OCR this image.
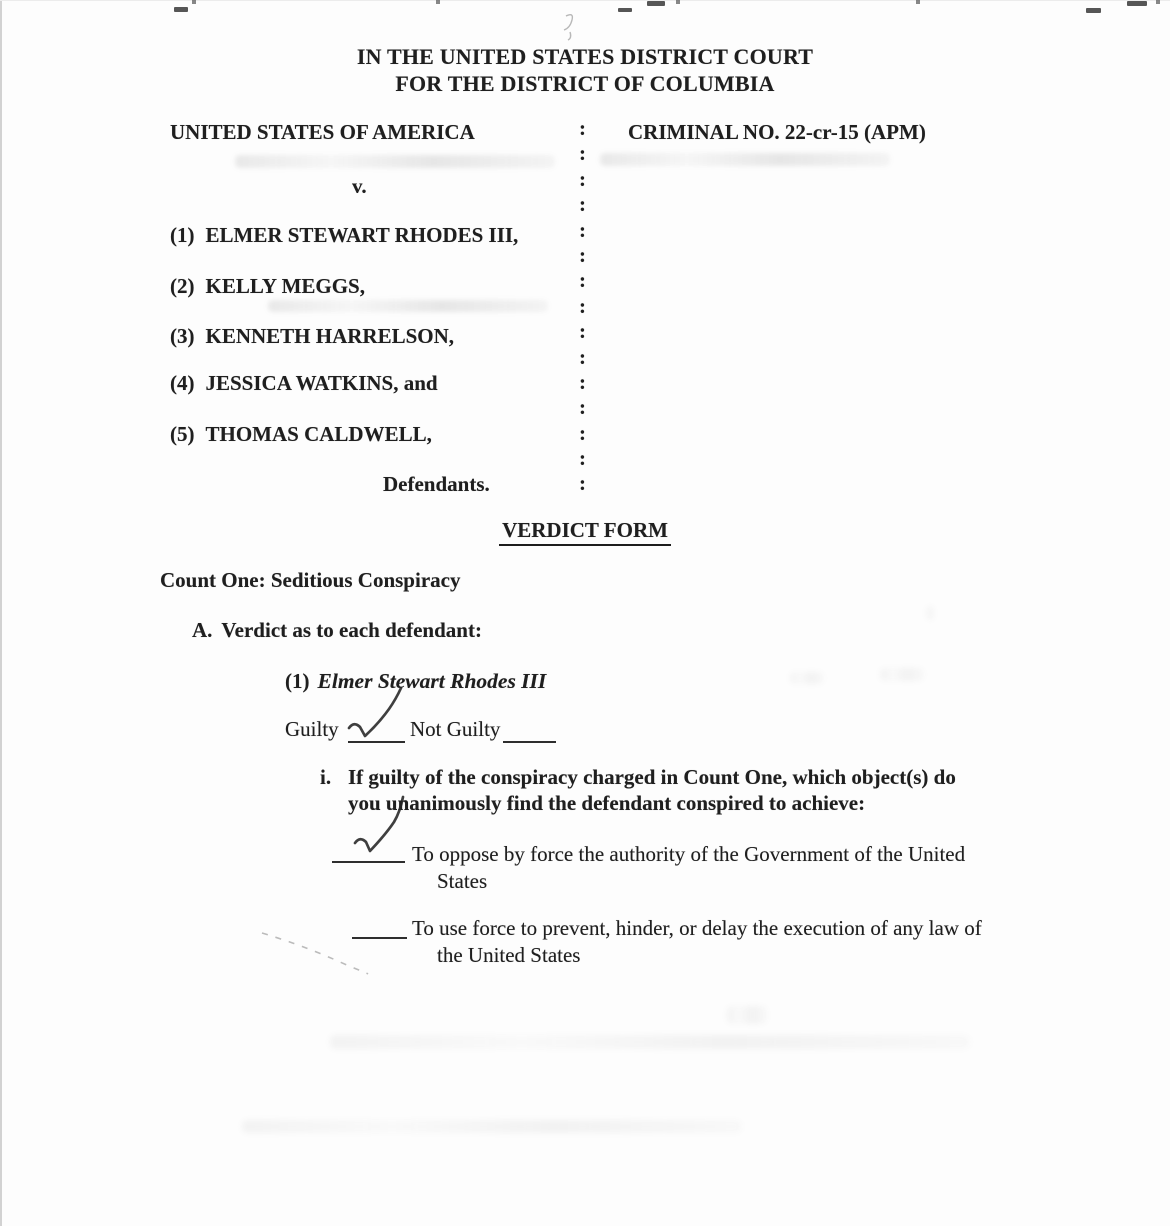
IN THE UNITED STATES DISTRICT COURT
FOR THE DISTRICT OF COLUMBIA
UNITED STATES OF AMERICA	CRIMINAL NO. 22-cr-15 (APM)
v.
:
:
:
:
:
:
:
:
:
:
:
:
:
:
:
(1) ELMER STEWART RHODES III,
(2) KELLY MEGGS,
(3) KENNETH HARRELSON,
(4) JESSICA WATKINS, and
(5) THOMAS CALDWELL,
Defendants.
VERDICT FORM
Count One: Seditious Conspiracy
A. Verdict as to each defendant:
(1) Elmer Stewart Rhodes III
Guilty	Not Guilty
i. If guilty of the conspiracy charged in Count One, which object(s) do
you unanimously find the defendant conspired to achieve:
To oppose by force the authority of the Government of the United
States
To use force to prevent, hinder, or delay the execution of any law of
the United States
